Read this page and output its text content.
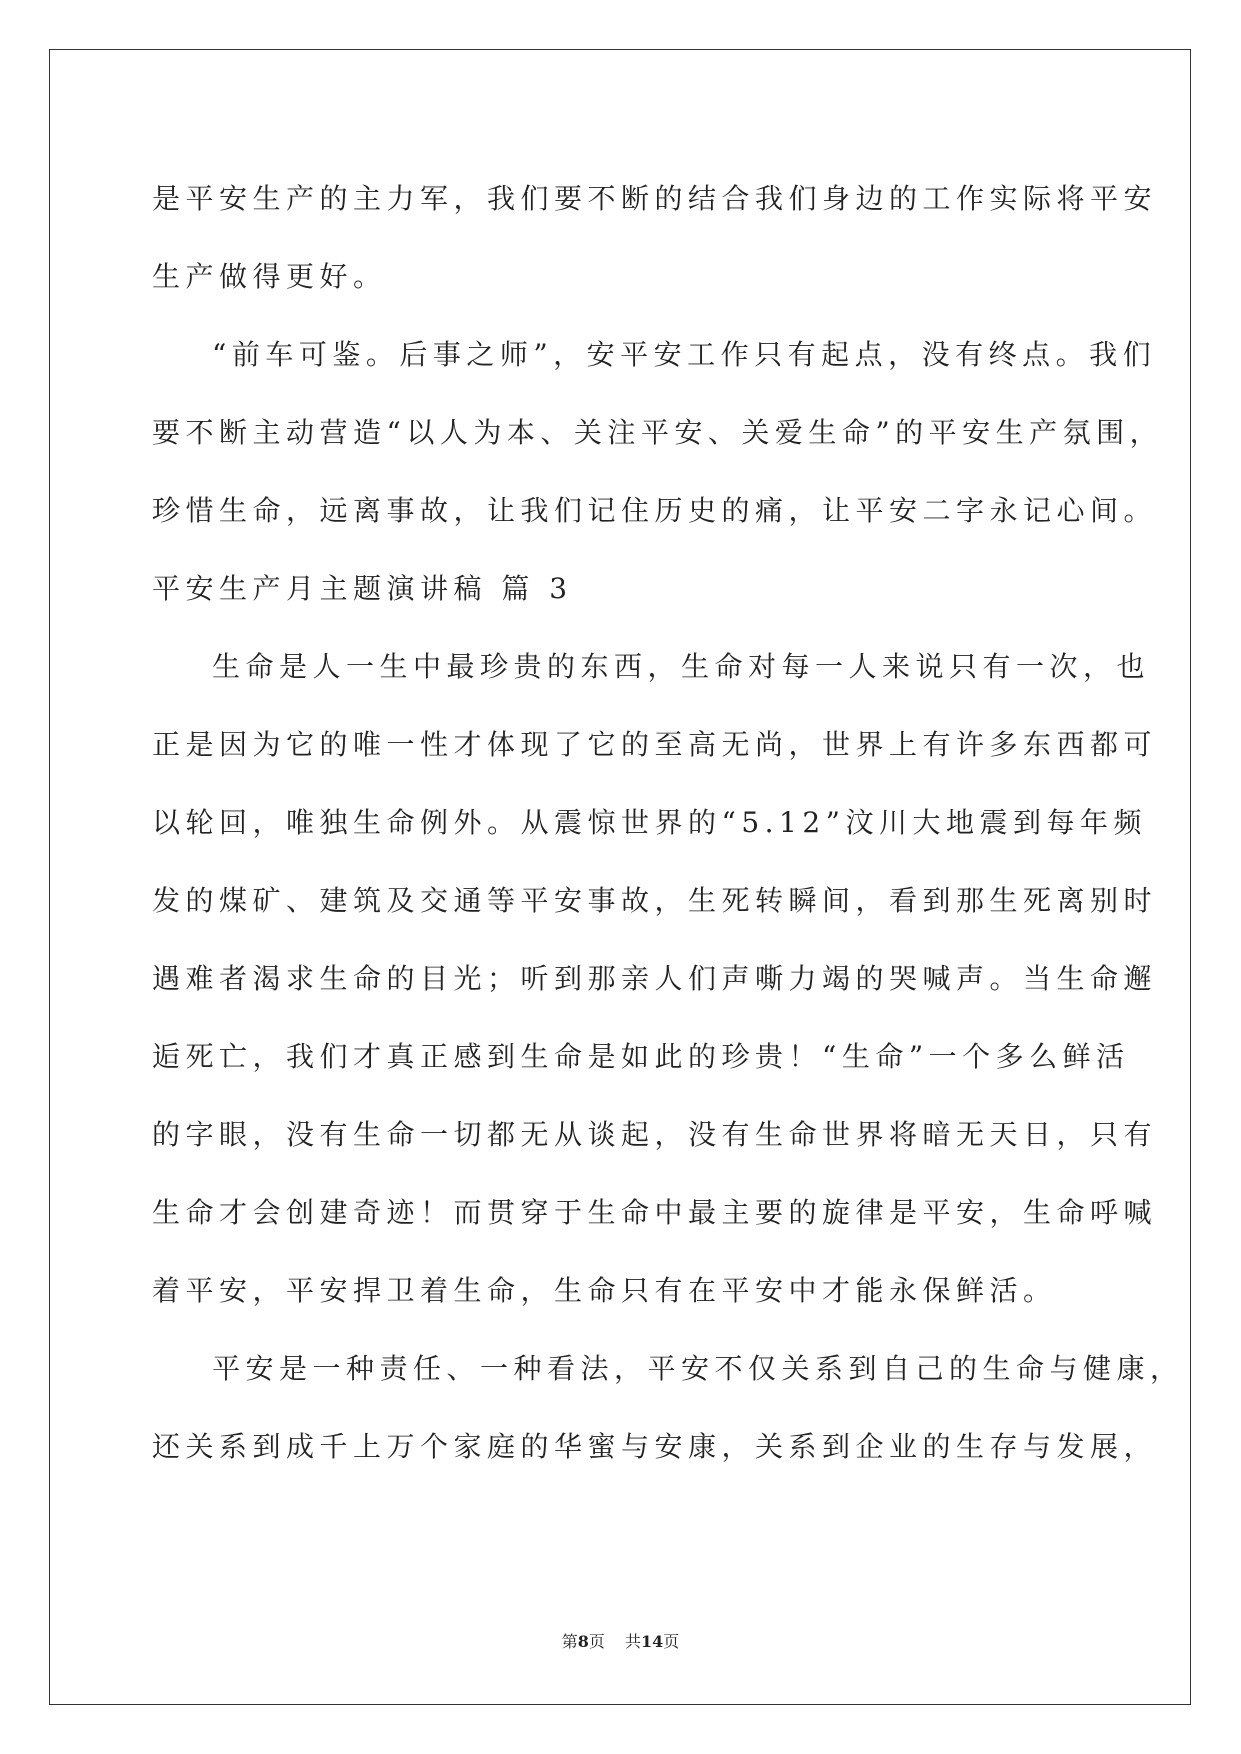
是平安生产的主力军，我们要不断的结合我们身边的工作实际将平安
生产做得更好。
“前车可鉴。后事之师”，安平安工作只有起点，没有终点。我们
要不断主动营造“以人为本、关注平安、关爱生命”的平安生产氛围，
珍惜生命，远离事故，让我们记住历史的痛，让平安二字永记心间。
平安生产月主题演讲稿 篇 3
生命是人一生中最珍贵的东西，生命对每一人来说只有一次，也
正是因为它的唯一性才体现了它的至高无尚，世界上有许多东西都可
以轮回，唯独生命例外。从震惊世界的“5.12”汶川大地震到每年频
发的煤矿、建筑及交通等平安事故，生死转瞬间，看到那生死离别时
遇难者渴求生命的目光；听到那亲人们声嘶力竭的哭喊声。当生命邂
逅死亡，我们才真正感到生命是如此的珍贵！“生命”一个多么鲜活
的字眼，没有生命一切都无从谈起，没有生命世界将暗无天日，只有
生命才会创建奇迹！而贯穿于生命中最主要的旋律是平安，生命呼喊
着平安，平安捍卫着生命，生命只有在平安中才能永保鲜活。
平安是一种责任、一种看法，平安不仅关系到自己的生命与健康，
还关系到成千上万个家庭的华蜜与安康，关系到企业的生存与发展，
第8页 共14页
